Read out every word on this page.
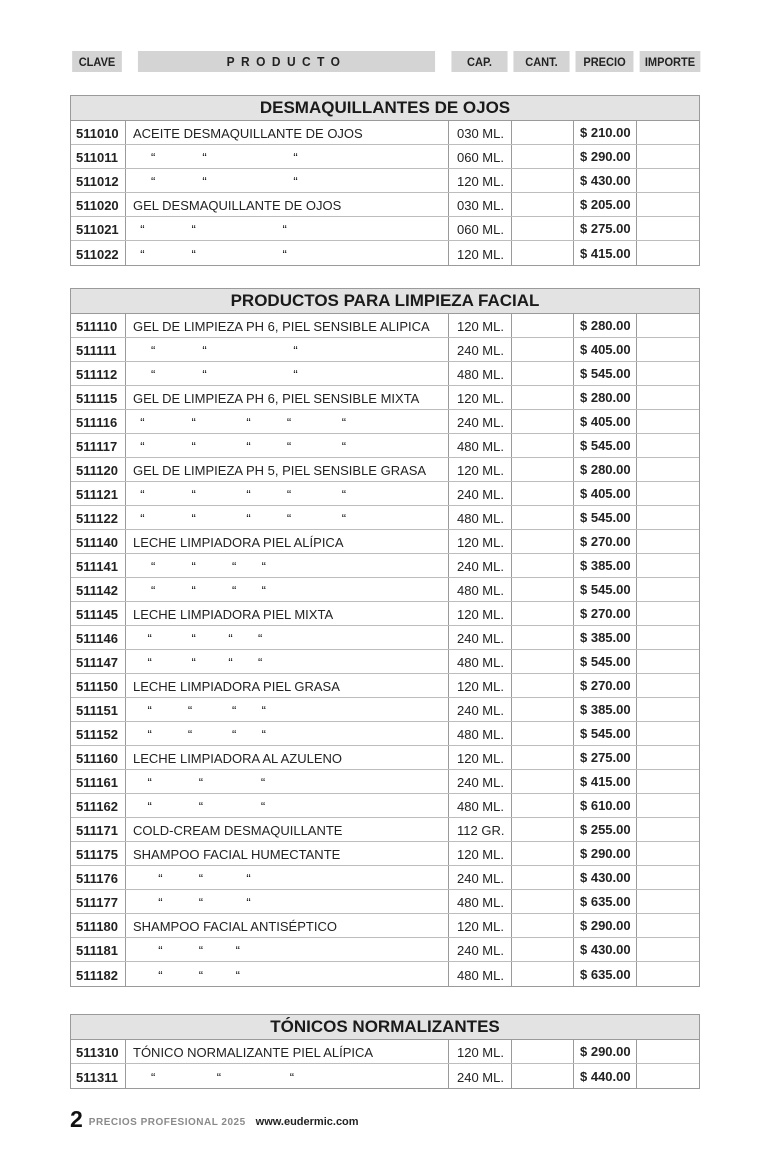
CLAVE	PRODUCTO	CAP.	CANT.	PRECIO	IMPORTE
DESMAQUILLANTES DE OJOS
511010	ACEITE DESMAQUILLANTE DE OJOS	030 ML.	$ 210.00
511011	“             “                        “	060 ML.	$ 290.00
511012	“             “                        “	120 ML.	$ 430.00
511020	GEL DESMAQUILLANTE DE OJOS	030 ML.	$ 205.00
511021	“             “                        “	060 ML.	$ 275.00
511022	“             “                        “	120 ML.	$ 415.00
PRODUCTOS PARA LIMPIEZA FACIAL
511110	GEL DE LIMPIEZA PH 6, PIEL SENSIBLE ALIPICA	120 ML.	$ 280.00
511111	“             “                        “	240 ML.	$ 405.00
511112	“             “                        “	480 ML.	$ 545.00
511115	GEL DE LIMPIEZA PH 6, PIEL SENSIBLE MIXTA	120 ML.	$ 280.00
511116	“             “              “          “              “	240 ML.	$ 405.00
511117	“             “              “          “              “	480 ML.	$ 545.00
511120	GEL DE LIMPIEZA PH 5, PIEL SENSIBLE GRASA	120 ML.	$ 280.00
511121	“             “              “          “              “	240 ML.	$ 405.00
511122	“             “              “          “              “	480 ML.	$ 545.00
511140	LECHE LIMPIADORA PIEL ALÍPICA	120 ML.	$ 270.00
511141	“          “          “       “	240 ML.	$ 385.00
511142	“          “          “       “	480 ML.	$ 545.00
511145	LECHE LIMPIADORA PIEL MIXTA	120 ML.	$ 270.00
511146	“           “         “       “	240 ML.	$ 385.00
511147	“           “         “       “	480 ML.	$ 545.00
511150	LECHE LIMPIADORA PIEL GRASA	120 ML.	$ 270.00
511151	“          “           “       “	240 ML.	$ 385.00
511152	“          “           “       “	480 ML.	$ 545.00
511160	LECHE LIMPIADORA AL AZULENO	120 ML.	$ 275.00
511161	“             “                “	240 ML.	$ 415.00
511162	“             “                “	480 ML.	$ 610.00
511171	COLD-CREAM DESMAQUILLANTE	112 GR.	$ 255.00
511175	SHAMPOO FACIAL HUMECTANTE	120 ML.	$ 290.00
511176	“          “            “	240 ML.	$ 430.00
511177	“          “            “	480 ML.	$ 635.00
511180	SHAMPOO FACIAL ANTISÉPTICO	120 ML.	$ 290.00
511181	“          “         “	240 ML.	$ 430.00
511182	“          “         “	480 ML.	$ 635.00
TÓNICOS NORMALIZANTES
511310	TÓNICO NORMALIZANTE PIEL ALÍPICA	120 ML.	$ 290.00
511311	“                 “                   “	240 ML.	$ 440.00
2 PRECIOS PROFESIONAL 2025 www.eudermic.com
